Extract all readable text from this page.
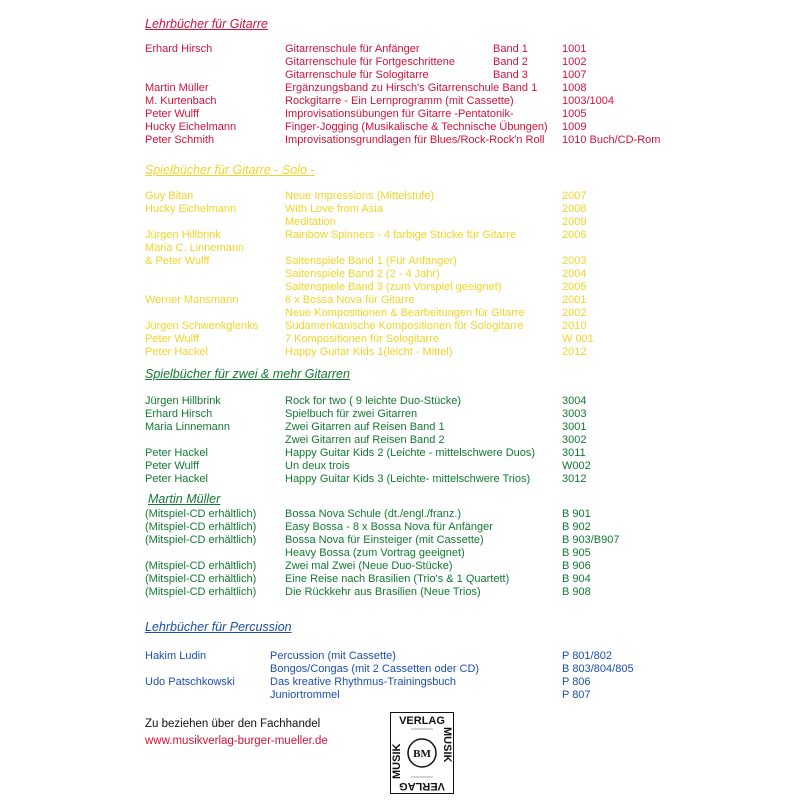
Lehrbücher für Gitarre
Erhard Hirsch	Gitarrenschule für Anfänger	Band 1	1001
Gitarrenschule für Fortgeschrittene	Band 2	1002
Gitarrenschule für Sologitarre	Band 3	1007
Martin Müller	Ergänzungsband zu Hirsch's Gitarrenschule Band 1 1008
M. Kurtenbach	Rockgitarre - Ein Lernprogramm (mit Cassette)	1003/1004
Peter Wulff	Improvisationsübungen für Gitarre -Pentatonik-	1005
Hucky Eichelmann	Finger-Jogging (Musikalische & Technische Übungen) 1009
Peter Schmith	Improvisationsgrundlagen für Blues/Rock-Rock'n Roll 1010 Buch/CD-Rom
Spielbücher für Gitarre - Solo -
Guy Bitan	Neue Impressions (Mittelstufe)	2007
Hucky Eichelmann	With Love from Asia	2008
Meditation	2009
Jürgen Hillbrink	Rainbow Spinners - 4 farbige Stücke für Gitarre	2006
Maria C. Linnemann
& Peter Wulff	Saitenspiele Band 1 (Für Anfänger)	2003
Saitenspiele Band 2 (2 - 4 Jahr)	2004
Saitenspiele Band 3 (zum Vorspiel geeignet)	2005
Werner Mansmann	6 x Bossa Nova für Gitarre	2001
Neue Kompositionen & Bearbeitungen für Gitarre	2002
Jürgen Schwenkglenks Südamerikanische Kompositionen für Sologitarre	2010
Peter Wulff	7 Kompositionen für Sologitarre	W 001
Peter Hackel	Happy Guitar Kids 1(leicht - Mittel)	2012
Spielbücher für zwei & mehr Gitarren
Jürgen Hillbrink	Rock for two ( 9 leichte Duo-Stücke)	3004
Erhard Hirsch	Spielbuch für zwei Gitarren	3003
Maria Linnemann	Zwei Gitarren auf Reisen Band 1	3001
Zwei Gitarren auf Reisen Band 2	3002
Peter Hackel	Happy Guitar Kids 2 (Leichte - mittelschwere Duos) 3011
Peter Wulff	Un deux trois	W002
Peter Hackel	Happy Guitar Kids 3 (Leichte- mittelschwere Trios)	3012
Martin Müller
(Mitspiel-CD erhältlich)	Bossa Nova Schule (dt./engl./franz.)	B 901
(Mitspiel-CD erhältlich)	Easy Bossa - 8 x Bossa Nova für Anfänger	B 902
(Mitspiel-CD erhältlich)	Bossa Nova für Einsteiger (mit Cassette)	B 903/B907
Heavy Bossa (zum Vortrag geeignet)	B 905
(Mitspiel-CD erhältlich)	Zwei mal Zwei (Neue Duo-Stücke)	B 906
(Mitspiel-CD erhältlich)	Eine Reise nach Brasilien (Trio's & 1 Quartett)	B 904
(Mitspiel-CD erhältlich)	Die Rückkehr aus Brasilien (Neue Trios)	B 908
Lehrbücher für Percussion
Hakim Ludin	Percussion (mit Cassette)	P 801/802
Bongos/Congas (mit 2 Cassetten oder CD)	B 803/804/805
Udo Patschkowski	Das kreative Rhythmus-Trainingsbuch	P 806
Juniortrommel	P 807
Zu beziehen über den Fachhandel
www.musikverlag-burger-mueller.de
VERLAG
MUSIK
VERLAG
MUSIK BM
